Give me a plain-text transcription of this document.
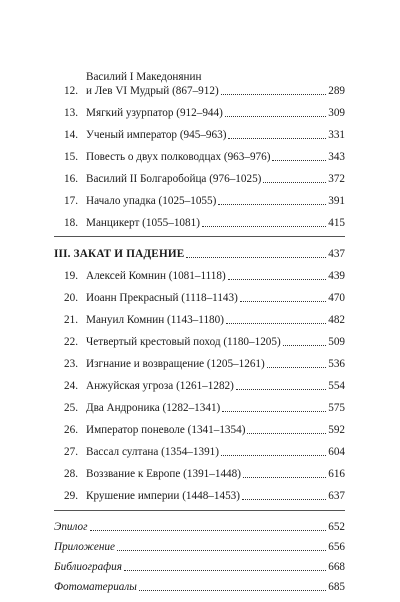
Василий I Македонянин
12. и Лев VI Мудрый (867–912)	289
13. Мягкий узурпатор (912–944)	309
14. Ученый император (945–963)	331
15. Повесть о двух полководцах (963–976)	343
16. Василий II Болгаробойца (976–1025)	372
17. Начало упадка (1025–1055)	391
18. Манцикерт (1055–1081)	415
III. ЗАКАТ И ПАДЕНИЕ	437
19. Алексей Комнин (1081–1118)	439
20. Иоанн Прекрасный (1118–1143)	470
21. Мануил Комнин (1143–1180)	482
22. Четвертый крестовый поход (1180–1205)	509
23. Изгнание и возвращение (1205–1261)	536
24. Анжуйская угроза (1261–1282)	554
25. Два Андроника (1282–1341)	575
26. Император поневоле (1341–1354)	592
27. Вассал султана (1354–1391)	604
28. Воззвание к Европе (1391–1448)	616
29. Крушение империи (1448–1453)	637
Эпилог	652
Приложение	656
Библиография	668
Фотоматериалы	685
